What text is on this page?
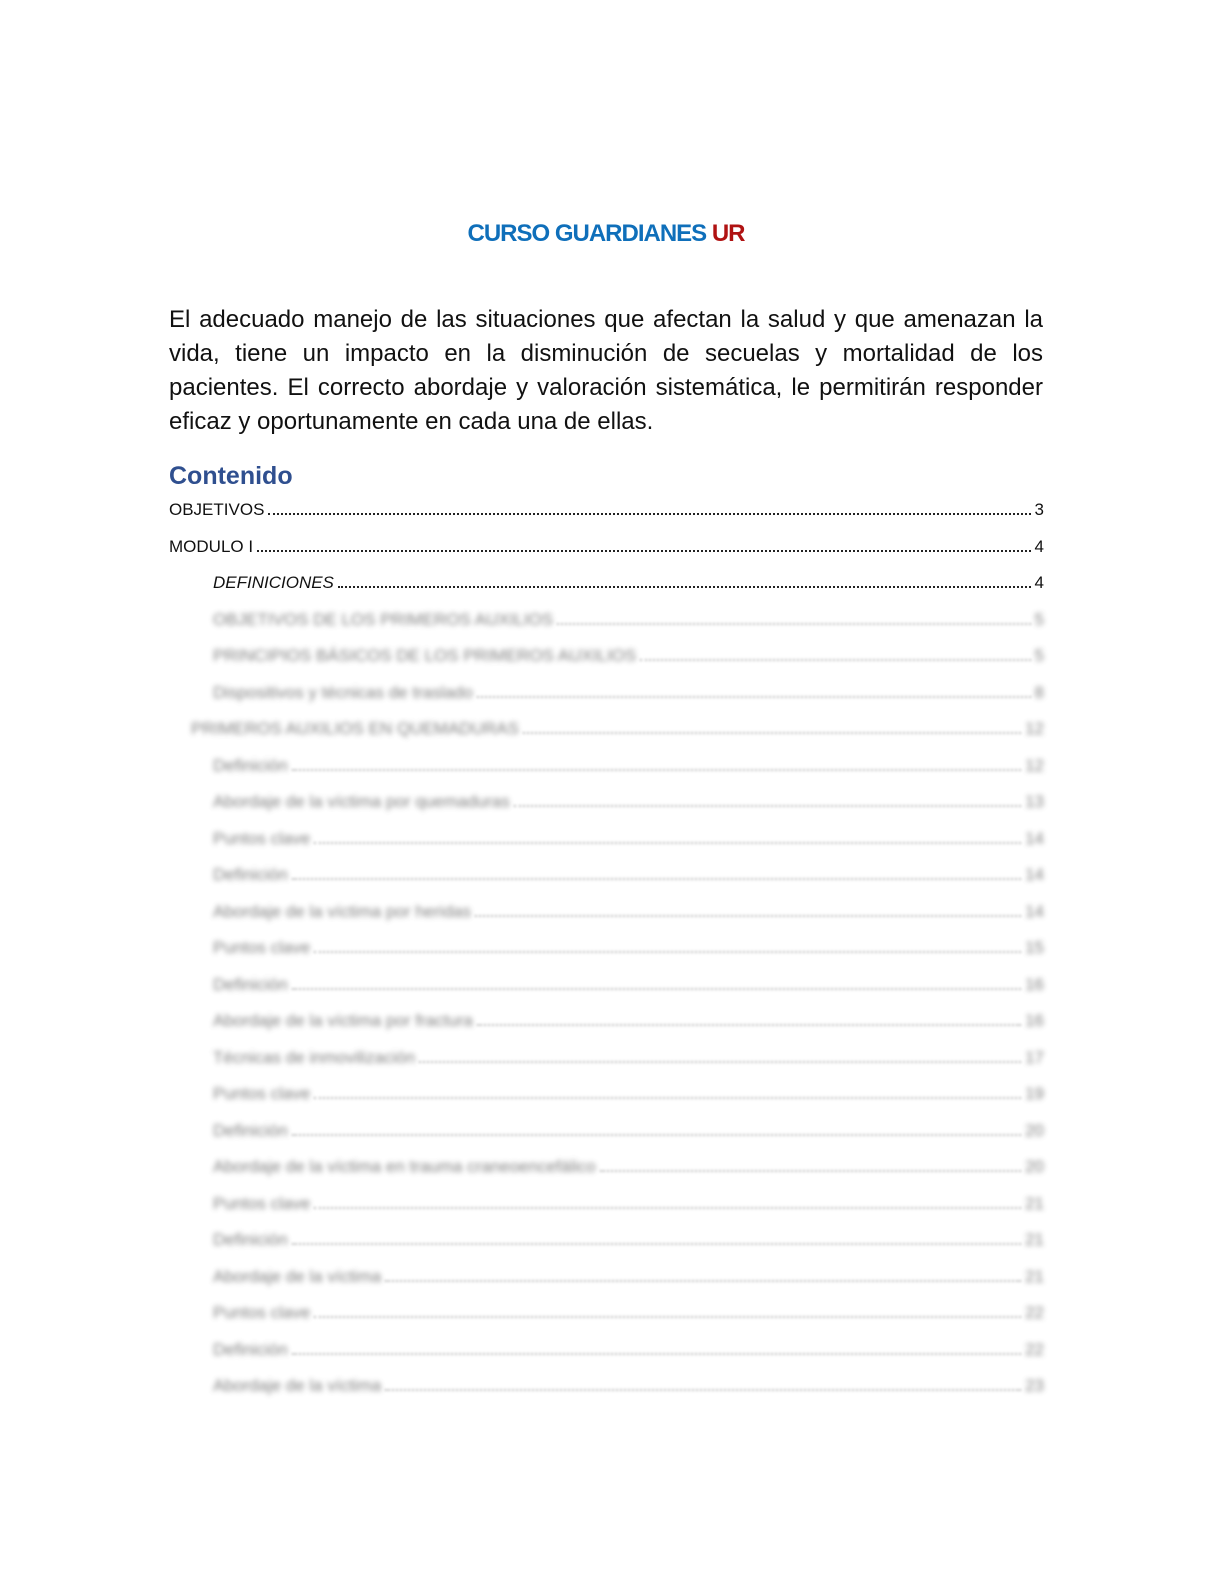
CURSO GUARDIANES UR

El adecuado manejo de las situaciones que afectan la salud y que amenazan la vida, tiene un impacto en la disminución de secuelas y mortalidad de los pacientes. El correcto abordaje y valoración sistemática, le permitirán responder eficaz y oportunamente en cada una de ellas.

Contenido
OBJETIVOS	3
MODULO I	4
DEFINICIONES	4
OBJETIVOS DE LOS PRIMEROS AUXILIOS	5
PRINCIPIOS BÁSICOS DE LOS PRIMEROS AUXILIOS	5
Dispositivos y técnicas de traslado	8
PRIMEROS AUXILIOS EN QUEMADURAS	12
Definición	12
Abordaje de la víctima por quemaduras	13
Puntos clave	14
Definición	14
Abordaje de la víctima por heridas	14
Puntos clave	15
Definición	16
Abordaje de la víctima por fractura	16
Técnicas de inmovilización	17
Puntos clave	19
Definición	20
Abordaje de la víctima en trauma craneoencefálico	20
Puntos clave	21
Definición	21
Abordaje de la víctima	21
Puntos clave	22
Definición	22
Abordaje de la víctima	23
